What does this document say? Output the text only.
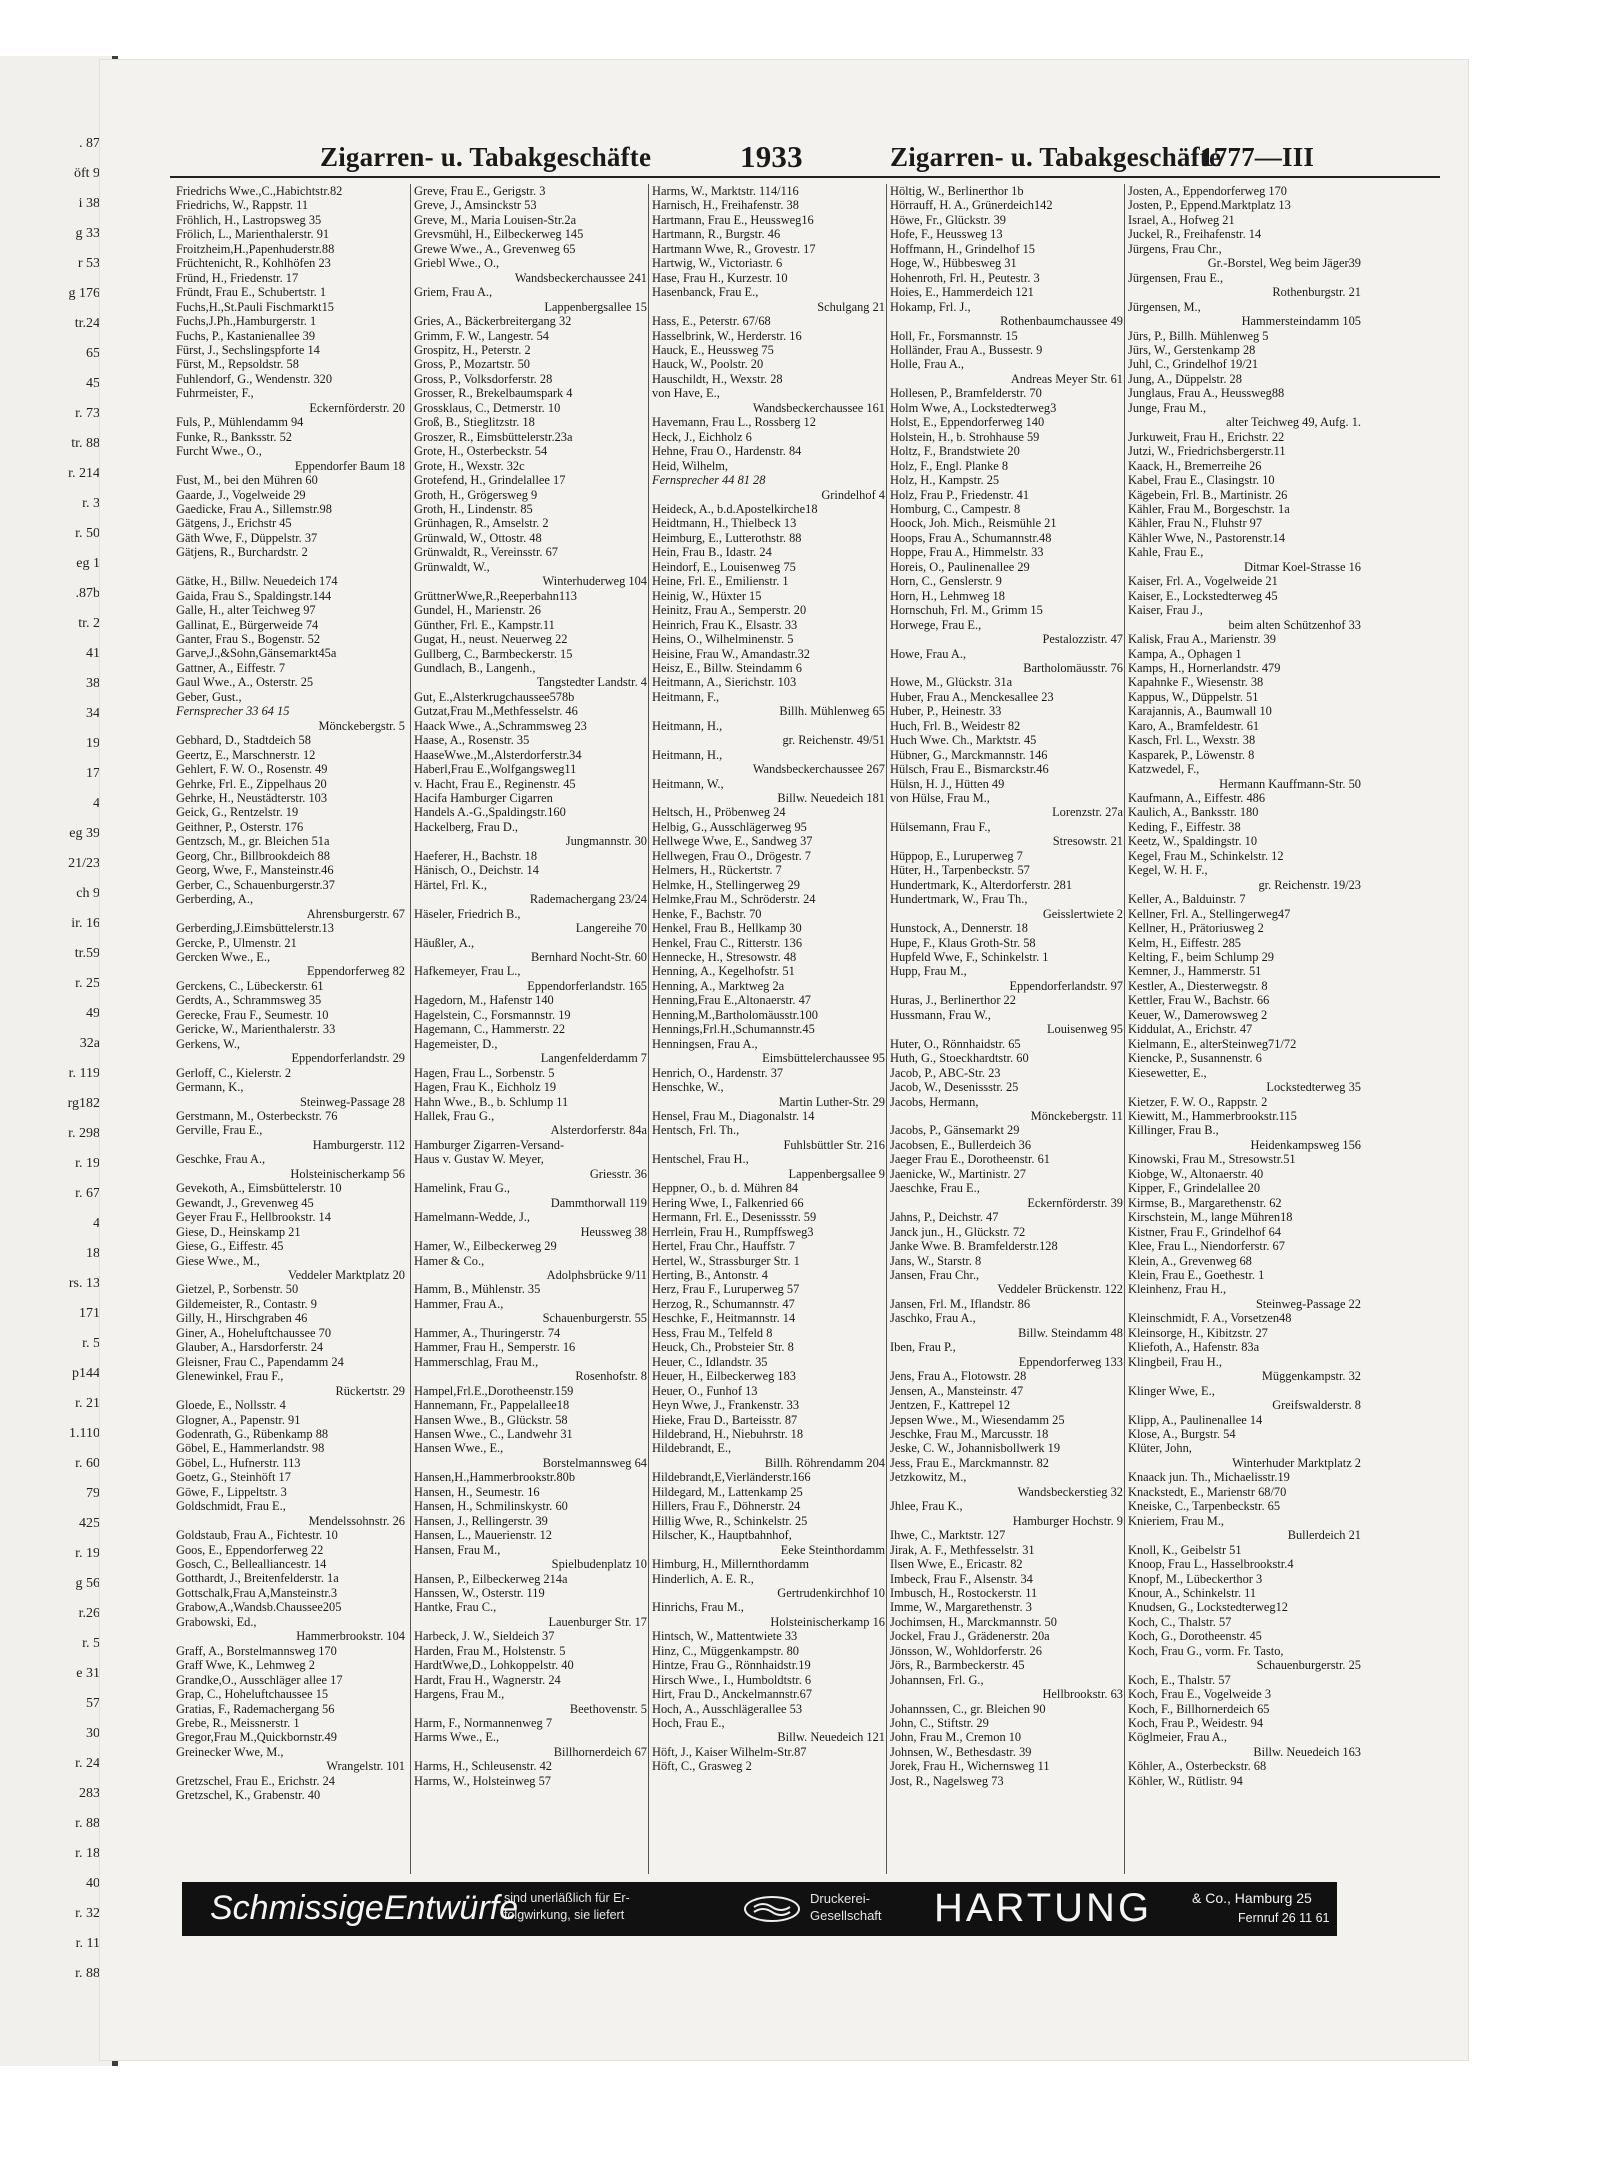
. 87
öft 9
i 38
g 33
r 53
g 176
tr.24
65
45
r. 73
tr. 88
r. 214
r. 3
r. 50
eg 1
.87b
tr. 2
41
38
34
19
17
4
eg 39
21/23
ch 9
ir. 16
tr.59
r. 25
49
32a
r. 119
rg182
r. 298
r. 19
r. 67
4
18
rs. 13
171
r. 5
p144
r. 21
1.110
r. 60
79
425
r. 19
g 56
r.26
r. 5
e 31
57
30
r. 24
283
r. 88
r. 18
40
r. 32
r. 11
r. 88
Zigarren- u. Tabakgeschäfte	1933	Zigarren- u. Tabakgeschäfte
1777—III
Friedrichs Wwe.,C.,Habichtstr.82
Friedrichs, W., Rappstr. 11
Fröhlich, H., Lastropsweg 35
Frölich, L., Marienthalerstr. 91
Froitzheim,H.,Papenhuderstr.88
Früchtenicht, R., Kohlhöfen 23
Fründ, H., Friedenstr. 17
Fründt, Frau E., Schubertstr. 1
Fuchs,H.,St.Pauli Fischmarkt15
Fuchs,J.Ph.,Hamburgerstr. 1
Fuchs, P., Kastanienallee 39
Fürst, J., Sechslingspforte 14
Fürst, M., Repsoldstr. 58
Fuhlendorf, G., Wendenstr. 320
Fuhrmeister, F.,
Eckernförderstr. 20
Fuls, P., Mühlendamm 94
Funke, R., Banksstr. 52
Furcht Wwe., O.,
Eppendorfer Baum 18
Fust, M., bei den Mühren 60
Gaarde, J., Vogelweide 29
Gaedicke, Frau A., Sillemstr.98
Gätgens, J., Erichstr 45
Gäth Wwe, F., Düppelstr. 37
Gätjens, R., Burchardstr. 2
Gätke, H., Billw. Neuedeich 174
Gaida, Frau S., Spaldingstr.144
Galle, H., alter Teichweg 97
Gallinat, E., Bürgerweide 74
Ganter, Frau S., Bogenstr. 52
Garve,J.,&Sohn,Gänsemarkt45a
Gattner, A., Eiffestr. 7
Gaul Wwe., A., Osterstr. 25
Geber, Gust.,
Fernsprecher 33 64 15
Mönckebergstr. 5
Gebhard, D., Stadtdeich 58
Geertz, E., Marschnerstr. 12
Gehlert, F. W. O., Rosenstr. 49
Gehrke, Frl. E., Zippelhaus 20
Gehrke, H., Neustädterstr. 103
Geick, G., Rentzelstr. 19
Geithner, P., Osterstr. 176
Gentzsch, M., gr. Bleichen 51a
Georg, Chr., Billbrookdeich 88
Georg, Wwe, F., Mansteinstr.46
Gerber, C., Schauenburgerstr.37
Gerberding, A.,
Ahrensburgerstr. 67
Gerberding,J.Eimsbüttelerstr.13
Gercke, P., Ulmenstr. 21
Gercken Wwe., E.,
Eppendorferweg 82
Gerckens, C., Lübeckerstr. 61
Gerdts, A., Schrammsweg 35
Gerecke, Frau F., Seumestr. 10
Gericke, W., Marienthalerstr. 33
Gerkens, W.,
Eppendorferlandstr. 29
Gerloff, C., Kielerstr. 2
Germann, K.,
Steinweg-Passage 28
Gerstmann, M., Osterbeckstr. 76
Gerville, Frau E.,
Hamburgerstr. 112
Geschke, Frau A.,
Holsteinischerkamp 56
Gevekoth, A., Eimsbüttelerstr. 10
Gewandt, J., Grevenweg 45
Geyer Frau F., Hellbrookstr. 14
Giese, D., Heinskamp 21
Giese, G., Eiffestr. 45
Giese Wwe., M.,
Veddeler Marktplatz 20
Gietzel, P., Sorbenstr. 50
Gildemeister, R., Contastr. 9
Gilly, H., Hirschgraben 46
Giner, A., Hoheluftchaussee 70
Glauber, A., Harsdorferstr. 24
Gleisner, Frau C., Papendamm 24
Glenewinkel, Frau F.,
Rückertstr. 29
Gloede, E., Nollsstr. 4
Glogner, A., Papenstr. 91
Godenrath, G., Rübenkamp 88
Göbel, E., Hammerlandstr. 98
Göbel, L., Hufnerstr. 113
Goetz, G., Steinhöft 17
Göwe, F., Lippeltstr. 3
Goldschmidt, Frau E.,
Mendelssohnstr. 26
Goldstaub, Frau A., Fichtestr. 10
Goos, E., Eppendorferweg 22
Gosch, C., Bellealliancestr. 14
Gotthardt, J., Breitenfelderstr. 1a
Gottschalk,Frau A,Mansteinstr.3
Grabow,A.,Wandsb.Chaussee205
Grabowski, Ed.,
Hammerbrookstr. 104
Graff, A., Borstelmannsweg 170
Graff Wwe, K., Lehmweg 2
Grandke,O., Ausschläger allee 17
Grap, C., Hoheluftchaussee 15
Gratias, F., Rademachergang 56
Grebe, R., Meissnerstr. 1
Gregor,Frau M.,Quickbornstr.49
Greinecker Wwe, M.,
Wrangelstr. 101
Gretzschel, Frau E., Erichstr. 24
Gretzschel, K., Grabenstr. 40
Greve, Frau E., Gerigstr. 3
Greve, J., Amsinckstr 53
Greve, M., Maria Louisen-Str.2a
Grevsmühl, H., Eilbeckerweg 145
Grewe Wwe., A., Grevenweg 65
Griebl Wwe., O.,
Wandsbeckerchaussee 241
Griem, Frau A.,
Lappenbergsallee 15
Gries, A., Bäckerbreitergang 32
Grimm, F. W., Langestr. 54
Grospitz, H., Peterstr. 2
Gross, P., Mozartstr. 50
Gross, P., Volksdorferstr. 28
Grosser, R., Brekelbaumspark 4
Grossklaus, C., Detmerstr. 10
Groß, B., Stieglitzstr. 18
Groszer, R., Eimsbüttelerstr.23a
Grote, H., Osterbeckstr. 54
Grote, H., Wexstr. 32c
Grotefend, H., Grindelallee 17
Groth, H., Grögersweg 9
Groth, H., Lindenstr. 85
Grünhagen, R., Amselstr. 2
Grünwald, W., Ottostr. 48
Grünwaldt, R., Vereinsstr. 67
Grünwaldt, W.,
Winterhuderweg 104
GrüttnerWwe,R.,Reeperbahn113
Gundel, H., Marienstr. 26
Günther, Frl. E., Kampstr.11
Gugat, H., neust. Neuerweg 22
Gullberg, C., Barmbeckerstr. 15
Gundlach, B., Langenh.,
Tangstedter Landstr. 4
Gut, E.,Alsterkrugchaussee578b
Gutzat,Frau M.,Methfesselstr. 46
Haack Wwe., A.,Schrammsweg 23
Haase, A., Rosenstr. 35
HaaseWwe.,M.,Alsterdorferstr.34
Haberl,Frau E.,Wolfgangsweg11
v. Hacht, Frau E., Reginenstr. 45
Hacifa Hamburger Cigarren
Handels A.-G.,Spaldingstr.160
Hackelberg, Frau D.,
Jungmannstr. 30
Haeferer, H., Bachstr. 18
Hänisch, O., Deichstr. 14
Härtel, Frl. K.,
Rademachergang 23/24
Häseler, Friedrich B.,
Langereihe 70
Häußler, A.,
Bernhard Nocht-Str. 60
Hafkemeyer, Frau L.,
Eppendorferlandstr. 165
Hagedorn, M., Hafenstr 140
Hagelstein, C., Forsmannstr. 19
Hagemann, C., Hammerstr. 22
Hagemeister, D.,
Langenfelderdamm 7
Hagen, Frau L., Sorbenstr. 5
Hagen, Frau K., Eichholz 19
Hahn Wwe., B., b. Schlump 11
Hallek, Frau G.,
Alsterdorferstr. 84a
Hamburger Zigarren-Versand-
Haus v. Gustav W. Meyer,
Griesstr. 36
Hamelink, Frau G.,
Dammthorwall 119
Hamelmann-Wedde, J.,
Heussweg 38
Hamer, W., Eilbeckerweg 29
Hamer & Co.,
Adolphsbrücke 9/11
Hamm, B., Mühlenstr. 35
Hammer, Frau A.,
Schauenburgerstr. 55
Hammer, A., Thuringerstr. 74
Hammer, Frau H., Semperstr. 16
Hammerschlag, Frau M.,
Rosenhofstr. 8
Hampel,Frl.E.,Dorotheenstr.159
Hannemann, Fr., Pappelallee18
Hansen Wwe., B., Glückstr. 58
Hansen Wwe., C., Landwehr 31
Hansen Wwe., E.,
Borstelmannsweg 64
Hansen,H.,Hammerbrookstr.80b
Hansen, H., Seumestr. 16
Hansen, H., Schmilinskystr. 60
Hansen, J., Rellingerstr. 39
Hansen, L., Mauerienstr. 12
Hansen, Frau M.,
Spielbudenplatz 10
Hansen, P., Eilbeckerweg 214a
Hanssen, W., Osterstr. 119
Hantke, Frau C.,
Lauenburger Str. 17
Harbeck, J. W., Sieldeich 37
Harden, Frau M., Holstenstr. 5
HardtWwe,D., Lohkoppelstr. 40
Hardt, Frau H., Wagnerstr. 24
Hargens, Frau M.,
Beethovenstr. 5
Harm, F., Normannenweg 7
Harms Wwe., E.,
Billhornerdeich 67
Harms, H., Schleusenstr. 42
Harms, W., Holsteinweg 57
Harms, W., Marktstr. 114/116
Harnisch, H., Freihafenstr. 38
Hartmann, Frau E., Heussweg16
Hartmann, R., Burgstr. 46
Hartmann Wwe, R., Grovestr. 17
Hartwig, W., Victoriastr. 6
Hase, Frau H., Kurzestr. 10
Hasenbanck, Frau E.,
Schulgang 21
Hass, E., Peterstr. 67/68
Hasselbrink, W., Herderstr. 16
Hauck, E., Heussweg 75
Hauck, W., Poolstr. 20
Hauschildt, H., Wexstr. 28
von Have, E.,
Wandsbeckerchaussee 161
Havemann, Frau L., Rossberg 12
Heck, J., Eichholz 6
Hehne, Frau O., Hardenstr. 84
Heid, Wilhelm,
Fernsprecher 44 81 28
Grindelhof 4
Heideck, A., b.d.Apostelkirche18
Heidtmann, H., Thielbeck 13
Heimburg, E., Lutterothstr. 88
Hein, Frau B., Idastr. 24
Heindorf, E., Louisenweg 75
Heine, Frl. E., Emilienstr. 1
Heinig, W., Hüxter 15
Heinitz, Frau A., Semperstr. 20
Heinrich, Frau K., Elsastr. 33
Heins, O., Wilhelminenstr. 5
Heisine, Frau W., Amandastr.32
Heisz, E., Billw. Steindamm 6
Heitmann, A., Sierichstr. 103
Heitmann, F.,
Billh. Mühlenweg 65
Heitmann, H.,
gr. Reichenstr. 49/51
Heitmann, H.,
Wandsbeckerchaussee 267
Heitmann, W.,
Billw. Neuedeich 181
Heltsch, H., Pröbenweg 24
Helbig, G., Ausschlägerweg 95
Hellwege Wwe, E., Sandweg 37
Hellwegen, Frau O., Drögestr. 7
Helmers, H., Rückertstr. 7
Helmke, H., Stellingerweg 29
Helmke,Frau M., Schröderstr. 24
Henke, F., Bachstr. 70
Henkel, Frau B., Hellkamp 30
Henkel, Frau C., Ritterstr. 136
Hennecke, H., Stresowstr. 48
Henning, A., Kegelhofstr. 51
Henning, A., Marktweg 2a
Henning,Frau E.,Altonaerstr. 47
Henning,M.,Bartholomäusstr.100
Hennings,Frl.H.,Schumannstr.45
Henningsen, Frau A.,
Eimsbüttelerchaussee 95
Henrich, O., Hardenstr. 37
Henschke, W.,
Martin Luther-Str. 29
Hensel, Frau M., Diagonalstr. 14
Hentsch, Frl. Th.,
Fuhlsbüttler Str. 216
Hentschel, Frau H.,
Lappenbergsallee 9
Heppner, O., b. d. Mühren 84
Hering Wwe, I., Falkenried 66
Hermann, Frl. E., Desenissstr. 59
Herrlein, Frau H., Rumpffsweg3
Hertel, Frau Chr., Hauffstr. 7
Hertel, W., Strassburger Str. 1
Herting, B., Antonstr. 4
Herz, Frau F., Luruperweg 57
Herzog, R., Schumannstr. 47
Heschke, F., Heitmannstr. 14
Hess, Frau M., Telfeld 8
Heuck, Ch., Probsteier Str. 8
Heuer, C., Idlandstr. 35
Heuer, H., Eilbeckerweg 183
Heuer, O., Funhof 13
Heyn Wwe, J., Frankenstr. 33
Hieke, Frau D., Barteisstr. 87
Hildebrand, H., Niebuhrstr. 18
Hildebrandt, E.,
Billh. Röhrendamm 204
Hildebrandt,E,Vierländerstr.166
Hildegard, M., Lattenkamp 25
Hillers, Frau F., Döhnerstr. 24
Hillig Wwe, R., Schinkelstr. 25
Hilscher, K., Hauptbahnhof,
Eeke Steinthordamm
Himburg, H., Millernthordamm
Hinderlich, A. E. R.,
Gertrudenkirchhof 10
Hinrichs, Frau M.,
Holsteinischerkamp 16
Hintsch, W., Mattentwiete 33
Hinz, C., Müggenkampstr. 80
Hintze, Frau G., Rönnhaidstr.19
Hirsch Wwe., I., Humboldtstr. 6
Hirt, Frau D., Anckelmannstr.67
Hoch, A., Ausschlägerallee 53
Hoch, Frau E.,
Billw. Neuedeich 121
Höft, J., Kaiser Wilhelm-Str.87
Höft, C., Grasweg 2
Höltig, W., Berlinerthor 1b
Hörrauff, H. A., Grünerdeich142
Höwe, Fr., Glückstr. 39
Hofe, F., Heussweg 13
Hoffmann, H., Grindelhof 15
Hoge, W., Hübbesweg 31
Hohenroth, Frl. H., Peutestr. 3
Hoies, E., Hammerdeich 121
Hokamp, Frl. J.,
Rothenbaumchaussee 49
Holl, Fr., Forsmannstr. 15
Holländer, Frau A., Bussestr. 9
Holle, Frau A.,
Andreas Meyer Str. 61
Hollesen, P., Bramfelderstr. 70
Holm Wwe, A., Lockstedterweg3
Holst, E., Eppendorferweg 140
Holstein, H., b. Strohhause 59
Holtz, F., Brandstwiete 20
Holz, F., Engl. Planke 8
Holz, H., Kampstr. 25
Holz, Frau P., Friedenstr. 41
Homburg, C., Campestr. 8
Hoock, Joh. Mich., Reismühle 21
Hoops, Frau A., Schumannstr.48
Hoppe, Frau A., Himmelstr. 33
Horeis, O., Paulinenallee 29
Horn, C., Genslerstr. 9
Horn, H., Lehmweg 18
Hornschuh, Frl. M., Grimm 15
Horwege, Frau E.,
Pestalozzistr. 47
Howe, Frau A.,
Bartholomäusstr. 76
Howe, M., Glückstr. 31a
Huber, Frau A., Menckesallee 23
Huber, P., Heinestr. 33
Huch, Frl. B., Weidestr 82
Huch Wwe. Ch., Marktstr. 45
Hübner, G., Marckmannstr. 146
Hülsch, Frau E., Bismarckstr.46
Hülsn, H. J., Hütten 49
von Hülse, Frau M.,
Lorenzstr. 27a
Hülsemann, Frau F.,
Stresowstr. 21
Hüppop, E., Luruperweg 7
Hüter, H., Tarpenbeckstr. 57
Hundertmark, K., Alterdorferstr. 281
Hundertmark, W., Frau Th.,
Geisslertwiete 2
Hunstock, A., Dennerstr. 18
Hupe, F., Klaus Groth-Str. 58
Hupfeld Wwe, F., Schinkelstr. 1
Hupp, Frau M.,
Eppendorferlandstr. 97
Huras, J., Berlinerthor 22
Hussmann, Frau W.,
Louisenweg 95
Huter, O., Rönnhaidstr. 65
Huth, G., Stoeckhardtstr. 60
Jacob, P., ABC-Str. 23
Jacob, W., Desenissstr. 25
Jacobs, Hermann,
Mönckebergstr. 11
Jacobs, P., Gänsemarkt 29
Jacobsen, E., Bullerdeich 36
Jaeger Frau E., Dorotheenstr. 61
Jaenicke, W., Martinistr. 27
Jaeschke, Frau E.,
Eckernförderstr. 39
Jahns, P., Deichstr. 47
Janck jun., H., Glückstr. 72
Janke Wwe. B. Bramfelderstr.128
Jans, W., Starstr. 8
Jansen, Frau Chr.,
Veddeler Brückenstr. 122
Jansen, Frl. M., Iflandstr. 86
Jaschko, Frau A.,
Billw. Steindamm 48
Iben, Frau P.,
Eppendorferweg 133
Jens, Frau A., Flotowstr. 28
Jensen, A., Mansteinstr. 47
Jentzen, F., Kattrepel 12
Jepsen Wwe., M., Wiesendamm 25
Jeschke, Frau M., Marcusstr. 18
Jeske, C. W., Johannisbollwerk 19
Jess, Frau E., Marckmannstr. 82
Jetzkowitz, M.,
Wandsbeckerstieg 32
Jhlee, Frau K.,
Hamburger Hochstr. 9
Ihwe, C., Marktstr. 127
Jirak, A. F., Methfesselstr. 31
Ilsen Wwe, E., Ericastr. 82
Imbeck, Frau F., Alsenstr. 34
Imbusch, H., Rostockerstr. 11
Imme, W., Margarethenstr. 3
Jochimsen, H., Marckmannstr. 50
Jockel, Frau J., Grädenerstr. 20a
Jönsson, W., Wohldorferstr. 26
Jörs, R., Barmbeckerstr. 45
Johannsen, Frl. G.,
Hellbrookstr. 63
Johannssen, C., gr. Bleichen 90
John, C., Stiftstr. 29
John, Frau M., Cremon 10
Johnsen, W., Bethesdastr. 39
Jorek, Frau H., Wichernsweg 11
Jost, R., Nagelsweg 73
Josten, A., Eppendorferweg 170
Josten, P., Eppend.Marktplatz 13
Israel, A., Hofweg 21
Juckel, R., Freihafenstr. 14
Jürgens, Frau Chr.,
Gr.-Borstel, Weg beim Jäger39
Jürgensen, Frau E.,
Rothenburgstr. 21
Jürgensen, M.,
Hammersteindamm 105
Jürs, P., Billh. Mühlenweg 5
Jürs, W., Gerstenkamp 28
Juhl, C., Grindelhof 19/21
Jung, A., Düppelstr. 28
Junglaus, Frau A., Heussweg88
Junge, Frau M.,
alter Teichweg 49, Aufg. 1.
Jurkuweit, Frau H., Erichstr. 22
Jutzi, W., Friedrichsbergerstr.11
Kaack, H., Bremerreihe 26
Kabel, Frau E., Clasingstr. 10
Kägebein, Frl. B., Martinistr. 26
Kähler, Frau M., Borgeschstr. 1a
Kähler, Frau N., Fluhstr 97
Kähler Wwe, N., Pastorenstr.14
Kahle, Frau E.,
Ditmar Koel-Strasse 16
Kaiser, Frl. A., Vogelweide 21
Kaiser, E., Lockstedterweg 45
Kaiser, Frau J.,
beim alten Schützenhof 33
Kalisk, Frau A., Marienstr. 39
Kampa, A., Ophagen 1
Kamps, H., Hornerlandstr. 479
Kapahnke F., Wiesenstr. 38
Kappus, W., Düppelstr. 51
Karajannis, A., Baumwall 10
Karo, A., Bramfeldestr. 61
Kasch, Frl. L., Wexstr. 38
Kasparek, P., Löwenstr. 8
Katzwedel, F.,
Hermann Kauffmann-Str. 50
Kaufmann, A., Eiffestr. 486
Kaulich, A., Banksstr. 180
Keding, F., Eiffestr. 38
Keetz, W., Spaldingstr. 10
Kegel, Frau M., Schinkelstr. 12
Kegel, W. H. F.,
gr. Reichenstr. 19/23
Keller, A., Balduinstr. 7
Kellner, Frl. A., Stellingerweg47
Kellner, H., Prätoriusweg 2
Kelm, H., Eiffestr. 285
Kelting, F., beim Schlump 29
Kemner, J., Hammerstr. 51
Kestler, A., Diesterwegstr. 8
Kettler, Frau W., Bachstr. 66
Keuer, W., Damerowsweg 2
Kiddulat, A., Erichstr. 47
Kielmann, E., alterSteinweg71/72
Kiencke, P., Susannenstr. 6
Kiesewetter, E.,
Lockstedterweg 35
Kietzer, F. W. O., Rappstr. 2
Kiewitt, M., Hammerbrookstr.115
Killinger, Frau B.,
Heidenkampsweg 156
Kinowski, Frau M., Stresowstr.51
Kiobge, W., Altonaerstr. 40
Kipper, F., Grindelallee 20
Kirmse, B., Margarethenstr. 62
Kirschstein, M., lange Mühren18
Kistner, Frau F., Grindelhof 64
Klee, Frau L., Niendorferstr. 67
Klein, A., Grevenweg 68
Klein, Frau E., Goethestr. 1
Kleinhenz, Frau H.,
Steinweg-Passage 22
Kleinschmidt, F. A., Vorsetzen48
Kleinsorge, H., Kibitzstr. 27
Kliefoth, A., Hafenstr. 83a
Klingbeil, Frau H.,
Müggenkampstr. 32
Klinger Wwe, E.,
Greifswalderstr. 8
Klipp, A., Paulinenallee 14
Klose, A., Burgstr. 54
Klüter, John,
Winterhuder Marktplatz 2
Knaack jun. Th., Michaelisstr.19
Knackstedt, E., Marienstr 68/70
Kneiske, C., Tarpenbeckstr. 65
Knieriem, Frau M.,
Bullerdeich 21
Knoll, K., Geibelstr 51
Knoop, Frau L., Hasselbrookstr.4
Knopf, M., Lübeckerthor 3
Knour, A., Schinkelstr. 11
Knudsen, G., Lockstedterweg12
Koch, C., Thalstr. 57
Koch, G., Dorotheenstr. 45
Koch, Frau G., vorm. Fr. Tasto,
Schauenburgerstr. 25
Koch, E., Thalstr. 57
Koch, Frau E., Vogelweide 3
Koch, F., Billhornerdeich 65
Koch, Frau P., Weidestr. 94
Köglmeier, Frau A.,
Billw. Neuedeich 163
Köhler, A., Osterbeckstr. 68
Köhler, W., Rütlistr. 94
SchmissigeEntwürfe
sind unerläßlich für Er-
folgwirkung, sie liefert
Druckerei-
Gesellschaft HARTUNG	& Co., Hamburg 25
Fernruf 26 11 61
